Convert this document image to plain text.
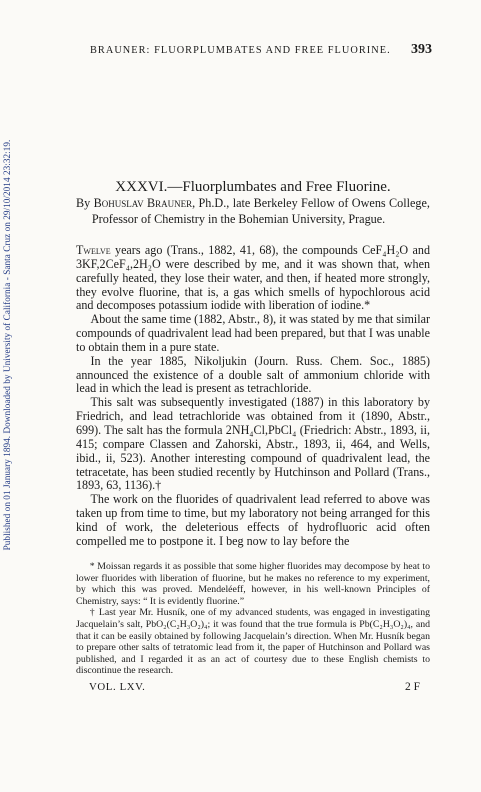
Published on 01 January 1894. Downloaded by University of California - Santa Cruz on 29/10/2014 23:32:19.
BRAUNER: FLUORPLUMBATES AND FREE FLUORINE. 393
XXXVI.—Fluorplumbates and Free Fluorine.
By Bohuslav Brauner, Ph.D., late Berkeley Fellow of Owens College, Professor of Chemistry in the Bohemian University, Prague.

Twelve years ago (Trans., 1882, 41, 68), the compounds CeF₄H₂O and 3KF,2CeF₄,2H₂O were described by me, and it was shown that, when carefully heated, they lose their water, and then, if heated more strongly, they evolve fluorine, that is, a gas which smells of hypochlorous acid and decomposes potassium iodide with liberation of iodine.*

About the same time (1882, Abstr., 8), it was stated by me that similar compounds of quadrivalent lead had been prepared, but that I was unable to obtain them in a pure state.

In the year 1885, Nikoljukin (Journ. Russ. Chem. Soc., 1885) announced the existence of a double salt of ammonium chloride with lead in which the lead is present as tetrachloride.

This salt was subsequently investigated (1887) in this laboratory by Friedrich, and lead tetrachloride was obtained from it (1890, Abstr., 699). The salt has the formula 2NH₄Cl,PbCl₄ (Friedrich: Abstr., 1893, ii, 415; compare Classen and Zahorski, Abstr., 1893, ii, 464, and Wells, ibid., ii, 523). Another interesting compound of quadrivalent lead, the tetracetate, has been studied recently by Hutchinson and Pollard (Trans., 1893, 63, 1136).†

The work on the fluorides of quadrivalent lead referred to above was taken up from time to time, but my laboratory not being arranged for this kind of work, the deleterious effects of hydrofluoric acid often compelled me to postpone it. I beg now to lay before the

* Moissan regards it as possible that some higher fluorides may decompose by heat to lower fluorides with liberation of fluorine, but he makes no reference to my experiment, by which this was proved. Mendeléeff, however, in his well-known Principles of Chemistry, says: “ It is evidently fluorine.”

† Last year Mr. Husník, one of my advanced students, was engaged in investigating Jacquelain’s salt, PbO₂(C₂H₃O₂)₄; it was found that the true formula is Pb(C₂H₃O₂)₄, and that it can be easily obtained by following Jacquelain’s direction. When Mr. Husník began to prepare other salts of tetratomic lead from it, the paper of Hutchinson and Pollard was published, and I regarded it as an act of courtesy due to these English chemists to discontinue the research.

VOL. LXV.	2 F
